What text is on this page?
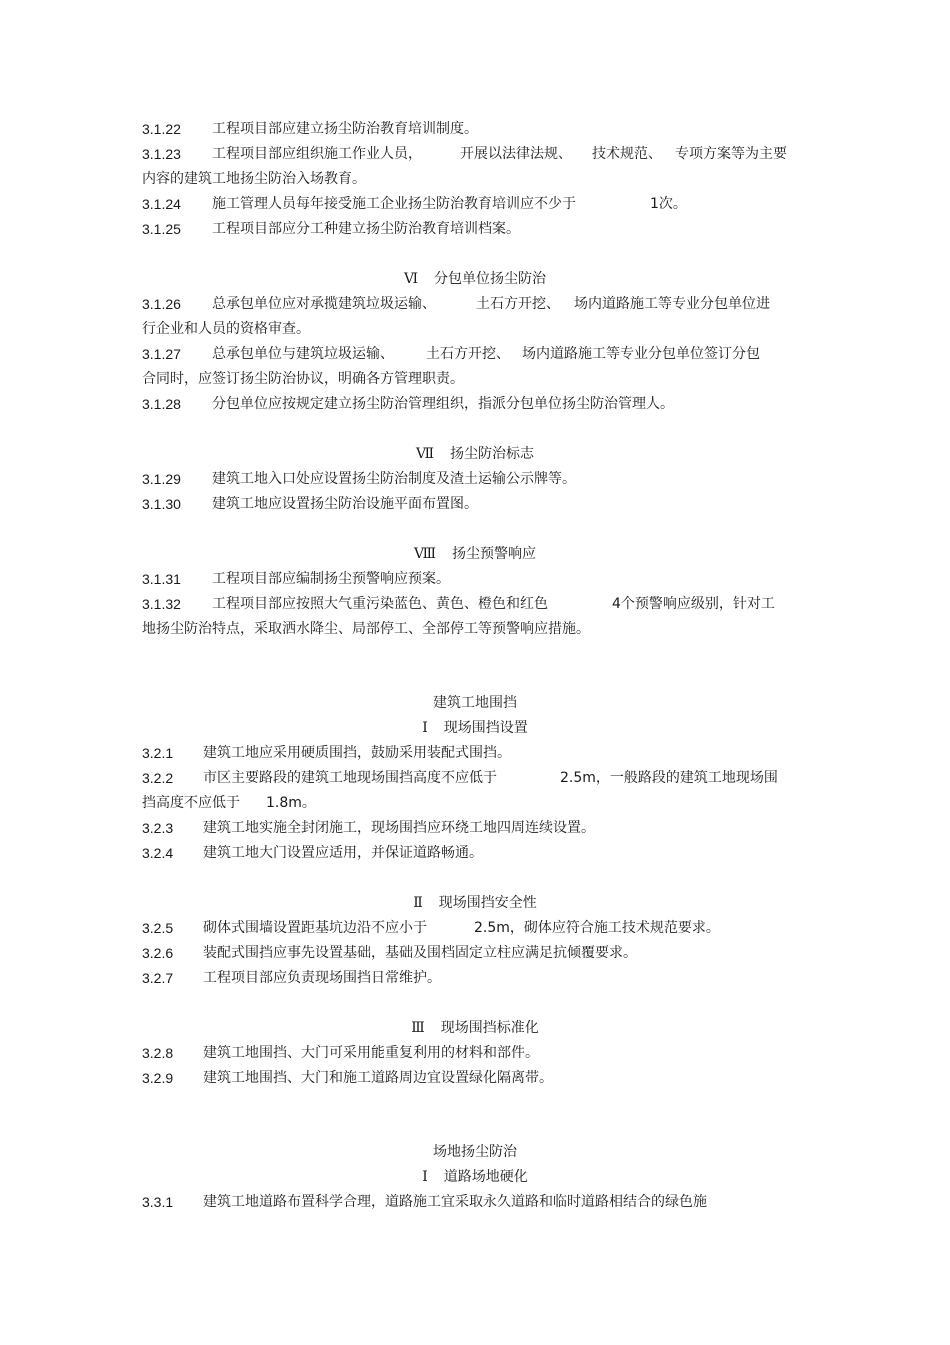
3.1.22 工程项目部应建立扬尘防治教育培训制度。
3.1.23 工程项目部应组织施工作业人员，	开展以法律法规、 技术规范、 专项方案等为主要
内容的建筑工地扬尘防治入场教育。
3.1.24 施工管理人员每年接受施工企业扬尘防治教育培训应不少于	1次。
3.1.25 工程项目部应分工种建立扬尘防治教育培训档案。
Ⅵ 分包单位扬尘防治
3.1.26 总承包单位应对承揽建筑垃圾运输、	土石方开挖、 场内道路施工等专业分包单位进
行企业和人员的资格审查。
3.1.27 总承包单位与建筑垃圾运输、 土石方开挖、 场内道路施工等专业分包单位签订分包
合同时，应签订扬尘防治协议，明确各方管理职责。
3.1.28 分包单位应按规定建立扬尘防治管理组织，指派分包单位扬尘防治管理人。
Ⅶ 扬尘防治标志
3.1.29 建筑工地入口处应设置扬尘防治制度及渣土运输公示牌等。
3.1.30 建筑工地应设置扬尘防治设施平面布置图。
Ⅷ 扬尘预警响应
3.1.31 工程项目部应编制扬尘预警响应预案。
3.1.32 工程项目部应按照大气重污染蓝色、黄色、橙色和红色	4个预警响应级别，针对工
地扬尘防治特点，采取洒水降尘、局部停工、全部停工等预警响应措施。
建筑工地围挡
Ⅰ 现场围挡设置
3.2.1 建筑工地应采用硬质围挡，鼓励采用装配式围挡。
3.2.2 市区主要路段的建筑工地现场围挡高度不应低于	2.5m，一般路段的建筑工地现场围
挡高度不应低于 1.8m。
3.2.3 建筑工地实施全封闭施工，现场围挡应环绕工地四周连续设置。
3.2.4 建筑工地大门设置应适用，并保证道路畅通。
Ⅱ 现场围挡安全性
3.2.5 砌体式围墙设置距基坑边沿不应小于	2.5m，砌体应符合施工技术规范要求。
3.2.6 装配式围挡应事先设置基础，基础及围档固定立柱应满足抗倾覆要求。
3.2.7 工程项目部应负责现场围挡日常维护。
Ⅲ 现场围挡标准化
3.2.8 建筑工地围挡、大门可采用能重复利用的材料和部件。
3.2.9 建筑工地围挡、大门和施工道路周边宜设置绿化隔离带。
场地扬尘防治
Ⅰ 道路场地硬化
3.3.1 建筑工地道路布置科学合理，道路施工宜采取永久道路和临时道路相结合的绿色施
